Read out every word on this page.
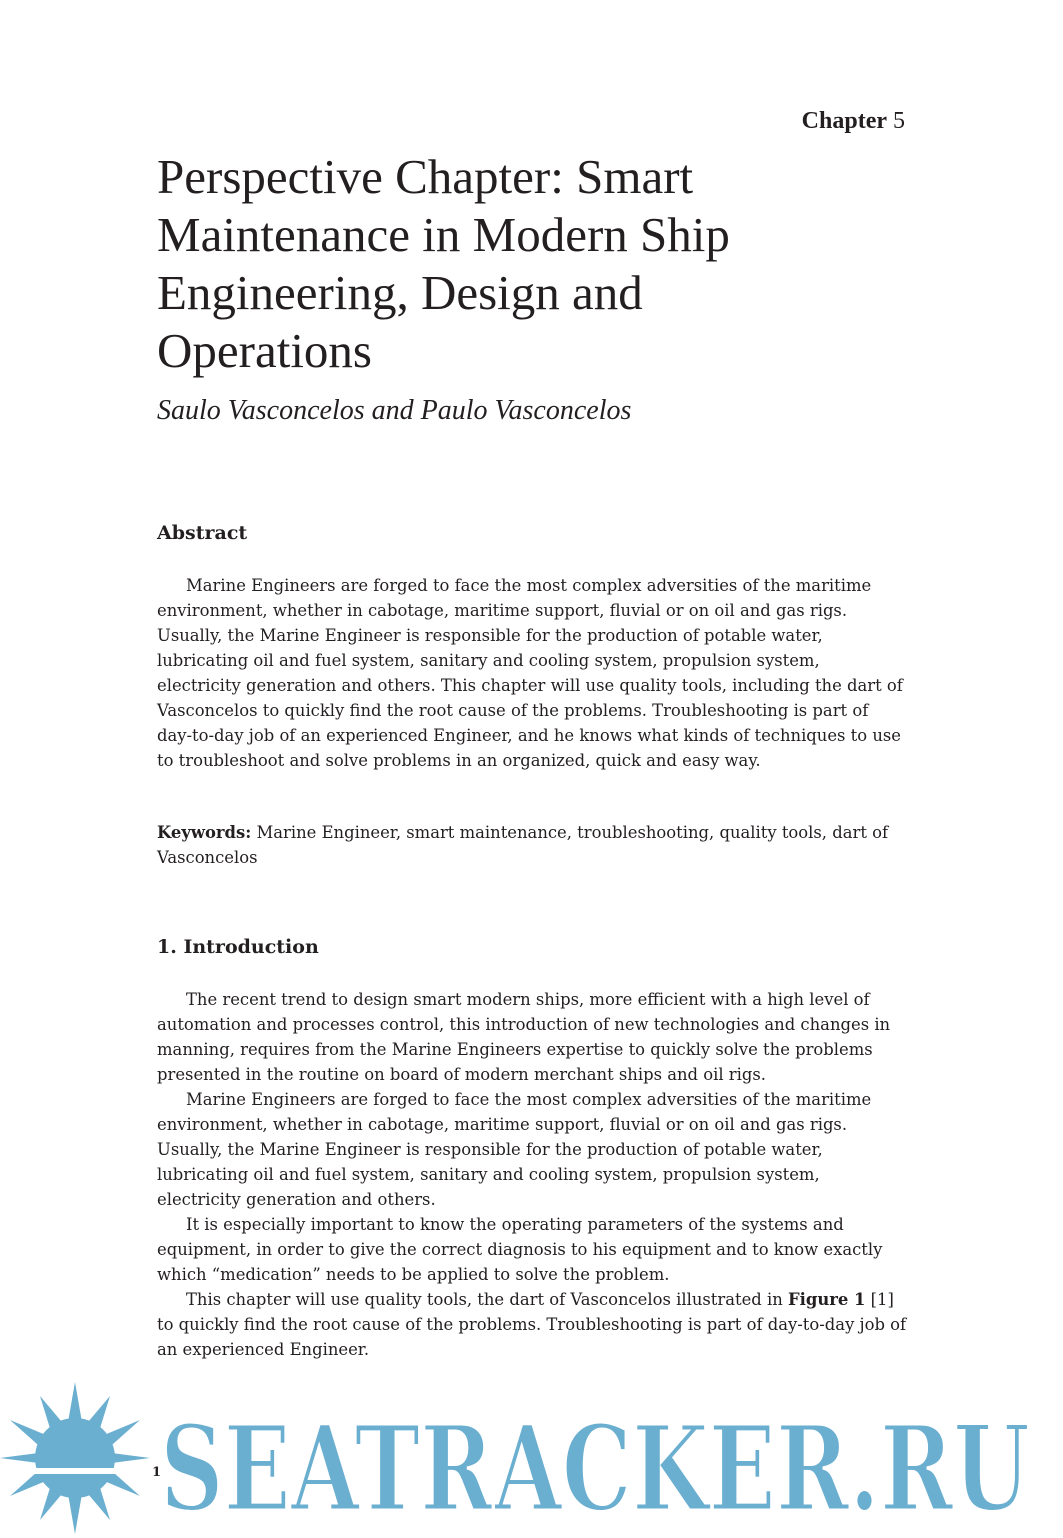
Chapter 5
Perspective Chapter: Smart Maintenance in Modern Ship Engineering, Design and Operations

Saulo Vasconcelos and Paulo Vasconcelos

Abstract

Marine Engineers are forged to face the most complex adversities of the maritime environment, whether in cabotage, maritime support, fluvial or on oil and gas rigs. Usually, the Marine Engineer is responsible for the production of potable water, lubricating oil and fuel system, sanitary and cooling system, propulsion system, electricity generation and others. This chapter will use quality tools, including the dart of Vasconcelos to quickly find the root cause of the problems. Troubleshooting is part of day-to-day job of an experienced Engineer, and he knows what kinds of techniques to use to troubleshoot and solve problems in an organized, quick and easy way.

Keywords: Marine Engineer, smart maintenance, troubleshooting, quality tools, dart of Vasconcelos

1. Introduction

The recent trend to design smart modern ships, more efficient with a high level of automation and processes control, this introduction of new technologies and changes in manning, requires from the Marine Engineers expertise to quickly solve the problems presented in the routine on board of modern merchant ships and oil rigs.

Marine Engineers are forged to face the most complex adversities of the maritime environment, whether in cabotage, maritime support, fluvial or on oil and gas rigs. Usually, the Marine Engineer is responsible for the production of potable water, lubricating oil and fuel system, sanitary and cooling system, propulsion system, electricity generation and others.

It is especially important to know the operating parameters of the systems and equipment, in order to give the correct diagnosis to his equipment and to know exactly which “medication” needs to be applied to solve the problem.

This chapter will use quality tools, the dart of Vasconcelos illustrated in Figure 1 [1] to quickly find the root cause of the problems. Troubleshooting is part of day-to-day job of an experienced Engineer.

1
SEATRACKER.RU
